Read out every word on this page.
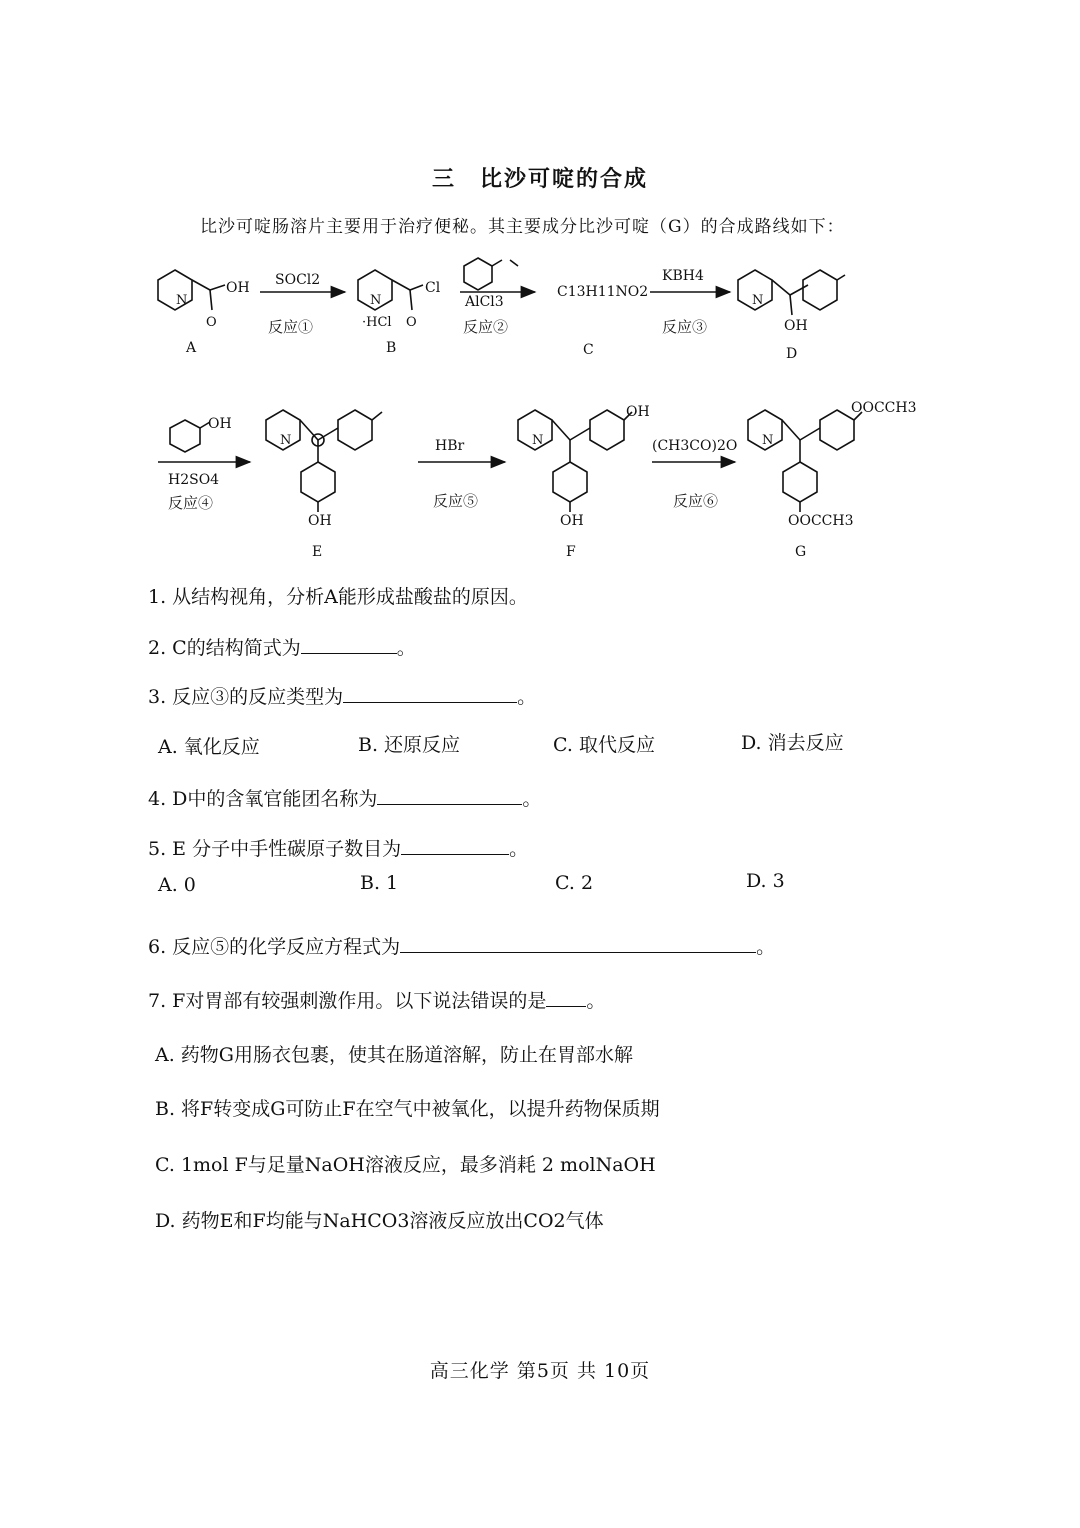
三　比沙可啶的合成
比沙可啶肠溶片主要用于治疗便秘。其主要成分比沙可啶（G）的合成路线如下：
N
OH
O
A
SOCl2
反应①
N
Cl
O
·HCl
B
AlCl3
反应②
C13H11NO2
C
KBH4
反应③
N
OH
D
OH
H2SO4
反应④
N
OH
E
HBr
反应⑤
N
OH
OH
F
(CH3CO)2O
反应⑥
N
OOCCH3
OOCCH3
G
1. 从结构视角，分析A能形成盐酸盐的原因。
2. C的结构简式为	。
3. 反应③的反应类型为	。
A. 氧化反应	B. 还原反应	C. 取代反应	D. 消去反应
4. D中的含氧官能团名称为	。
5. E 分子中手性碳原子数目为	。
A. 0	B. 1	C. 2	D. 3
6. 反应⑤的化学反应方程式为	。
7. F对胃部有较强刺激作用。以下说法错误的是 。
A. 药物G用肠衣包裹，使其在肠道溶解，防止在胃部水解
B. 将F转变成G可防止F在空气中被氧化，以提升药物保质期
C. 1mol F与足量NaOH溶液反应，最多消耗 2 molNaOH
D. 药物E和F均能与NaHCO3溶液反应放出CO2气体
高三化学 第5页 共 10页
